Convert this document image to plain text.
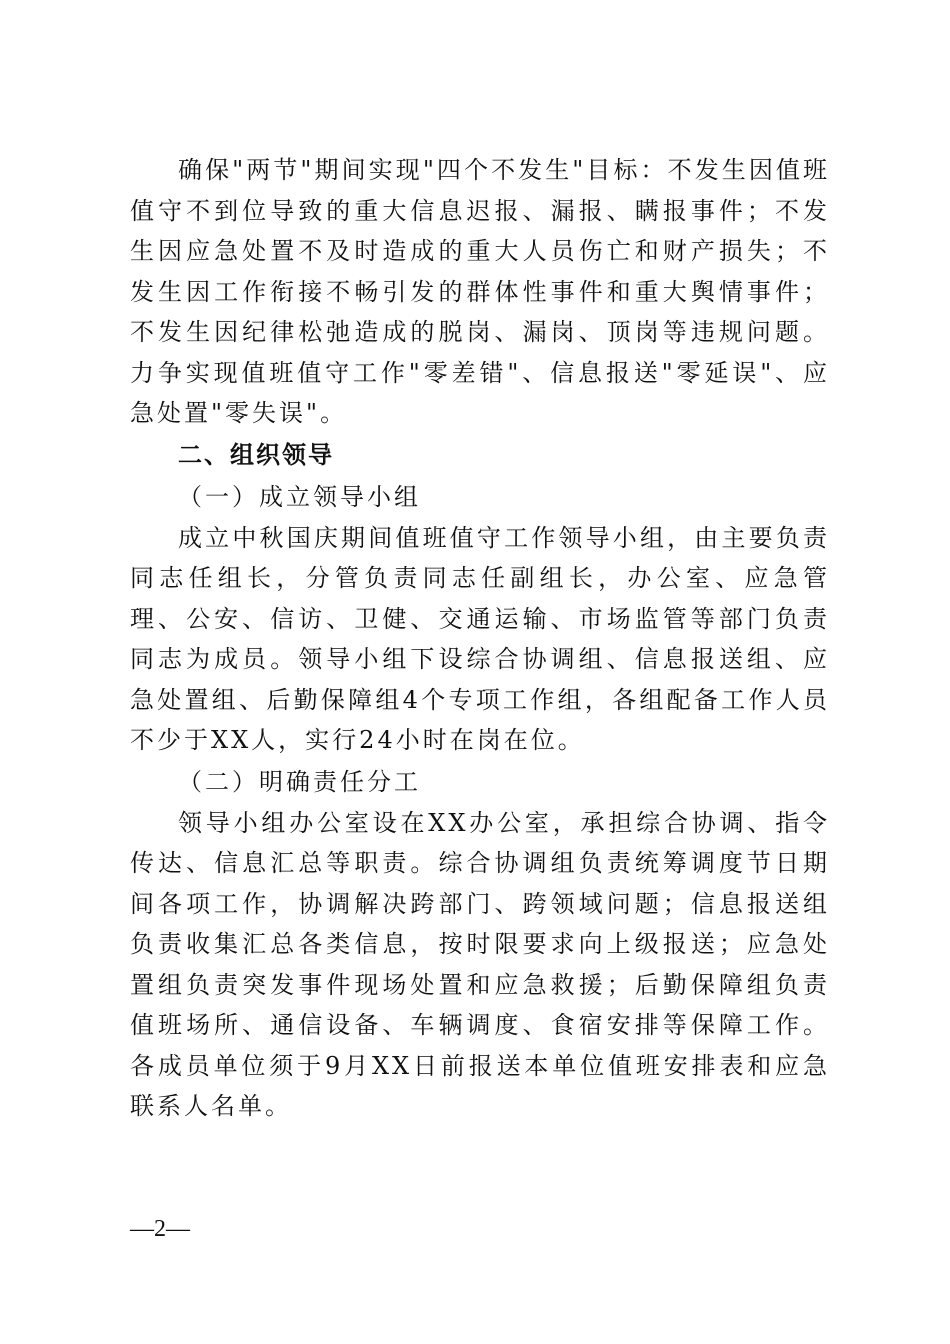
确保"两节"期间实现"四个不发生"目标：不发生因值班值守不到位导致的重大信息迟报、漏报、瞒报事件；不发生因应急处置不及时造成的重大人员伤亡和财产损失；不发生因工作衔接不畅引发的群体性事件和重大舆情事件；不发生因纪律松弛造成的脱岗、漏岗、顶岗等违规问题。力争实现值班值守工作"零差错"、信息报送"零延误"、应急处置"零失误"。

二、组织领导

（一）成立领导小组

成立中秋国庆期间值班值守工作领导小组，由主要负责同志任组长，分管负责同志任副组长，办公室、应急管理、公安、信访、卫健、交通运输、市场监管等部门负责同志为成员。领导小组下设综合协调组、信息报送组、应急处置组、后勤保障组4个专项工作组，各组配备工作人员不少于XX人，实行24小时在岗在位。

（二）明确责任分工

领导小组办公室设在XX办公室，承担综合协调、指令传达、信息汇总等职责。综合协调组负责统筹调度节日期间各项工作，协调解决跨部门、跨领域问题；信息报送组负责收集汇总各类信息，按时限要求向上级报送；应急处置组负责突发事件现场处置和应急救援；后勤保障组负责值班场所、通信设备、车辆调度、食宿安排等保障工作。各成员单位须于9月XX日前报送本单位值班安排表和应急联系人名单。

—2—
